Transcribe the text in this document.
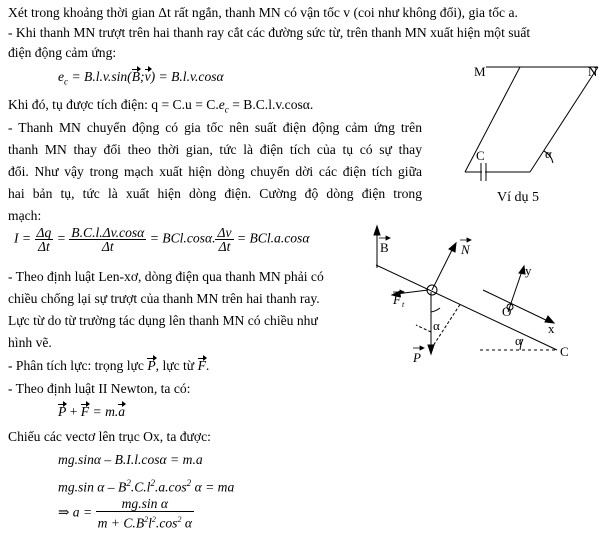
Xét trong khoảng thời gian Δt rất ngắn, thanh MN có vận tốc v (coi như không đổi), gia tốc a.
- Khi thanh MN trượt trên hai thanh ray cắt các đường sức từ, trên thanh MN xuất hiện một suất
điện động cảm ứng:
$e_c$ = B.l.v.sin(B;v) = B.l.v.cosα
Khi đó, tụ được tích điện: $q = C.u = C.e_c = B.C.l.v.\cos\alpha$.
- Thanh MN chuyển động có gia tốc nên suất điện động cảm ứng trên
thanh MN thay đổi theo thời gian, tức là điện tích của tụ có sự thay
đổi. Như vậy trong mạch xuất hiện dòng chuyển dời các điện tích giữa
hai bản tụ, tức là xuất hiện dòng điện. Cường độ dòng điện trong
mạch:
$I = \frac{\Delta q}{\Delta t} = \frac{B.C.l.\Delta v.\cos\alpha}{\Delta t} = BCl.\cos\alpha$. $\frac{\Delta v}{\Delta t} = BCl.a.\cos\alpha$
- Theo định luật Len-xơ, dòng điện qua thanh MN phải có
chiều chống lại sự trượt của thanh MN trên hai thanh ray.
Lực từ do từ trường tác dụng lên thanh MN có chiều như
hình vẽ.
- Phân tích lực: trọng lực P, lực từ F.
- Theo định luật II Newton, ta có:
P + F = m.a
Chiếu các vectơ lên trục Ox, ta được:
mg.sinα – B.I.l.cosα = m.a
mg.sin α – $B^2.C.l^2.a.\cos^2$ α = ma
⇒ $a = \frac{\text{mg.sin α}}{m + C.B^2l^2.\cos^2 \alpha}$
M	N
C	α
Ví dụ 5
B	N
F t
P
α
α
y
O
x
C
